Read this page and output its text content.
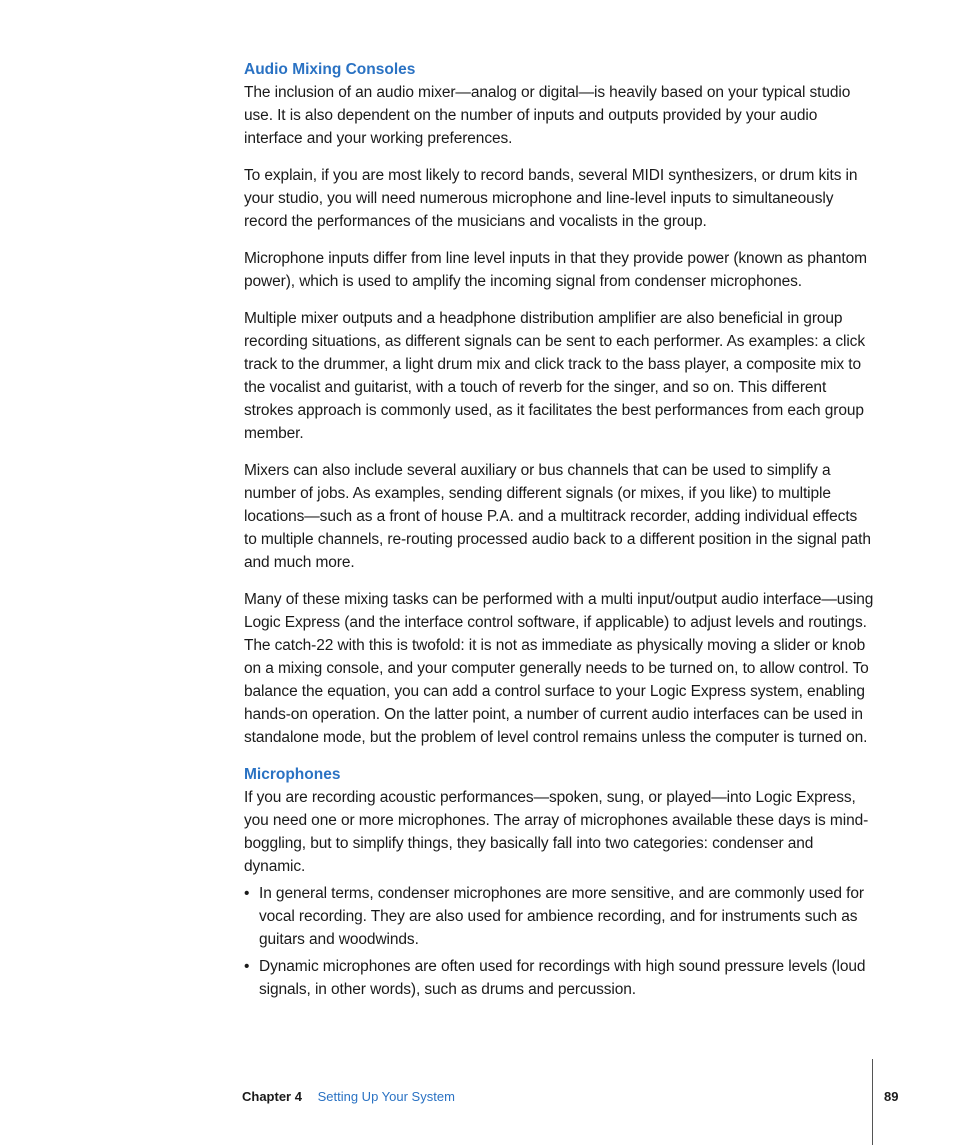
Audio Mixing Consoles

The inclusion of an audio mixer—analog or digital—is heavily based on your typical studio use. It is also dependent on the number of inputs and outputs provided by your audio interface and your working preferences.

To explain, if you are most likely to record bands, several MIDI synthesizers, or drum kits in your studio, you will need numerous microphone and line-level inputs to simultaneously record the performances of the musicians and vocalists in the group.

Microphone inputs differ from line level inputs in that they provide power (known as phantom power), which is used to amplify the incoming signal from condenser microphones.

Multiple mixer outputs and a headphone distribution amplifier are also beneficial in group recording situations, as different signals can be sent to each performer. As examples: a click track to the drummer, a light drum mix and click track to the bass player, a composite mix to the vocalist and guitarist, with a touch of reverb for the singer, and so on. This different strokes approach is commonly used, as it facilitates the best performances from each group member.

Mixers can also include several auxiliary or bus channels that can be used to simplify a number of jobs. As examples, sending different signals (or mixes, if you like) to multiple locations—such as a front of house P.A. and a multitrack recorder, adding individual effects to multiple channels, re-routing processed audio back to a different position in the signal path and much more.

Many of these mixing tasks can be performed with a multi input/output audio interface—using Logic Express (and the interface control software, if applicable) to adjust levels and routings. The catch-22 with this is twofold: it is not as immediate as physically moving a slider or knob on a mixing console, and your computer generally needs to be turned on, to allow control. To balance the equation, you can add a control surface to your Logic Express system, enabling hands-on operation. On the latter point, a number of current audio interfaces can be used in standalone mode, but the problem of level control remains unless the computer is turned on.

Microphones

If you are recording acoustic performances—spoken, sung, or played—into Logic Express, you need one or more microphones. The array of microphones available these days is mind-boggling, but to simplify things, they basically fall into two categories: condenser and dynamic.

• In general terms, condenser microphones are more sensitive, and are commonly used for vocal recording. They are also used for ambience recording, and for instruments such as guitars and woodwinds.
• Dynamic microphones are often used for recordings with high sound pressure levels (loud signals, in other words), such as drums and percussion.
Chapter 4 Setting Up Your System	89
